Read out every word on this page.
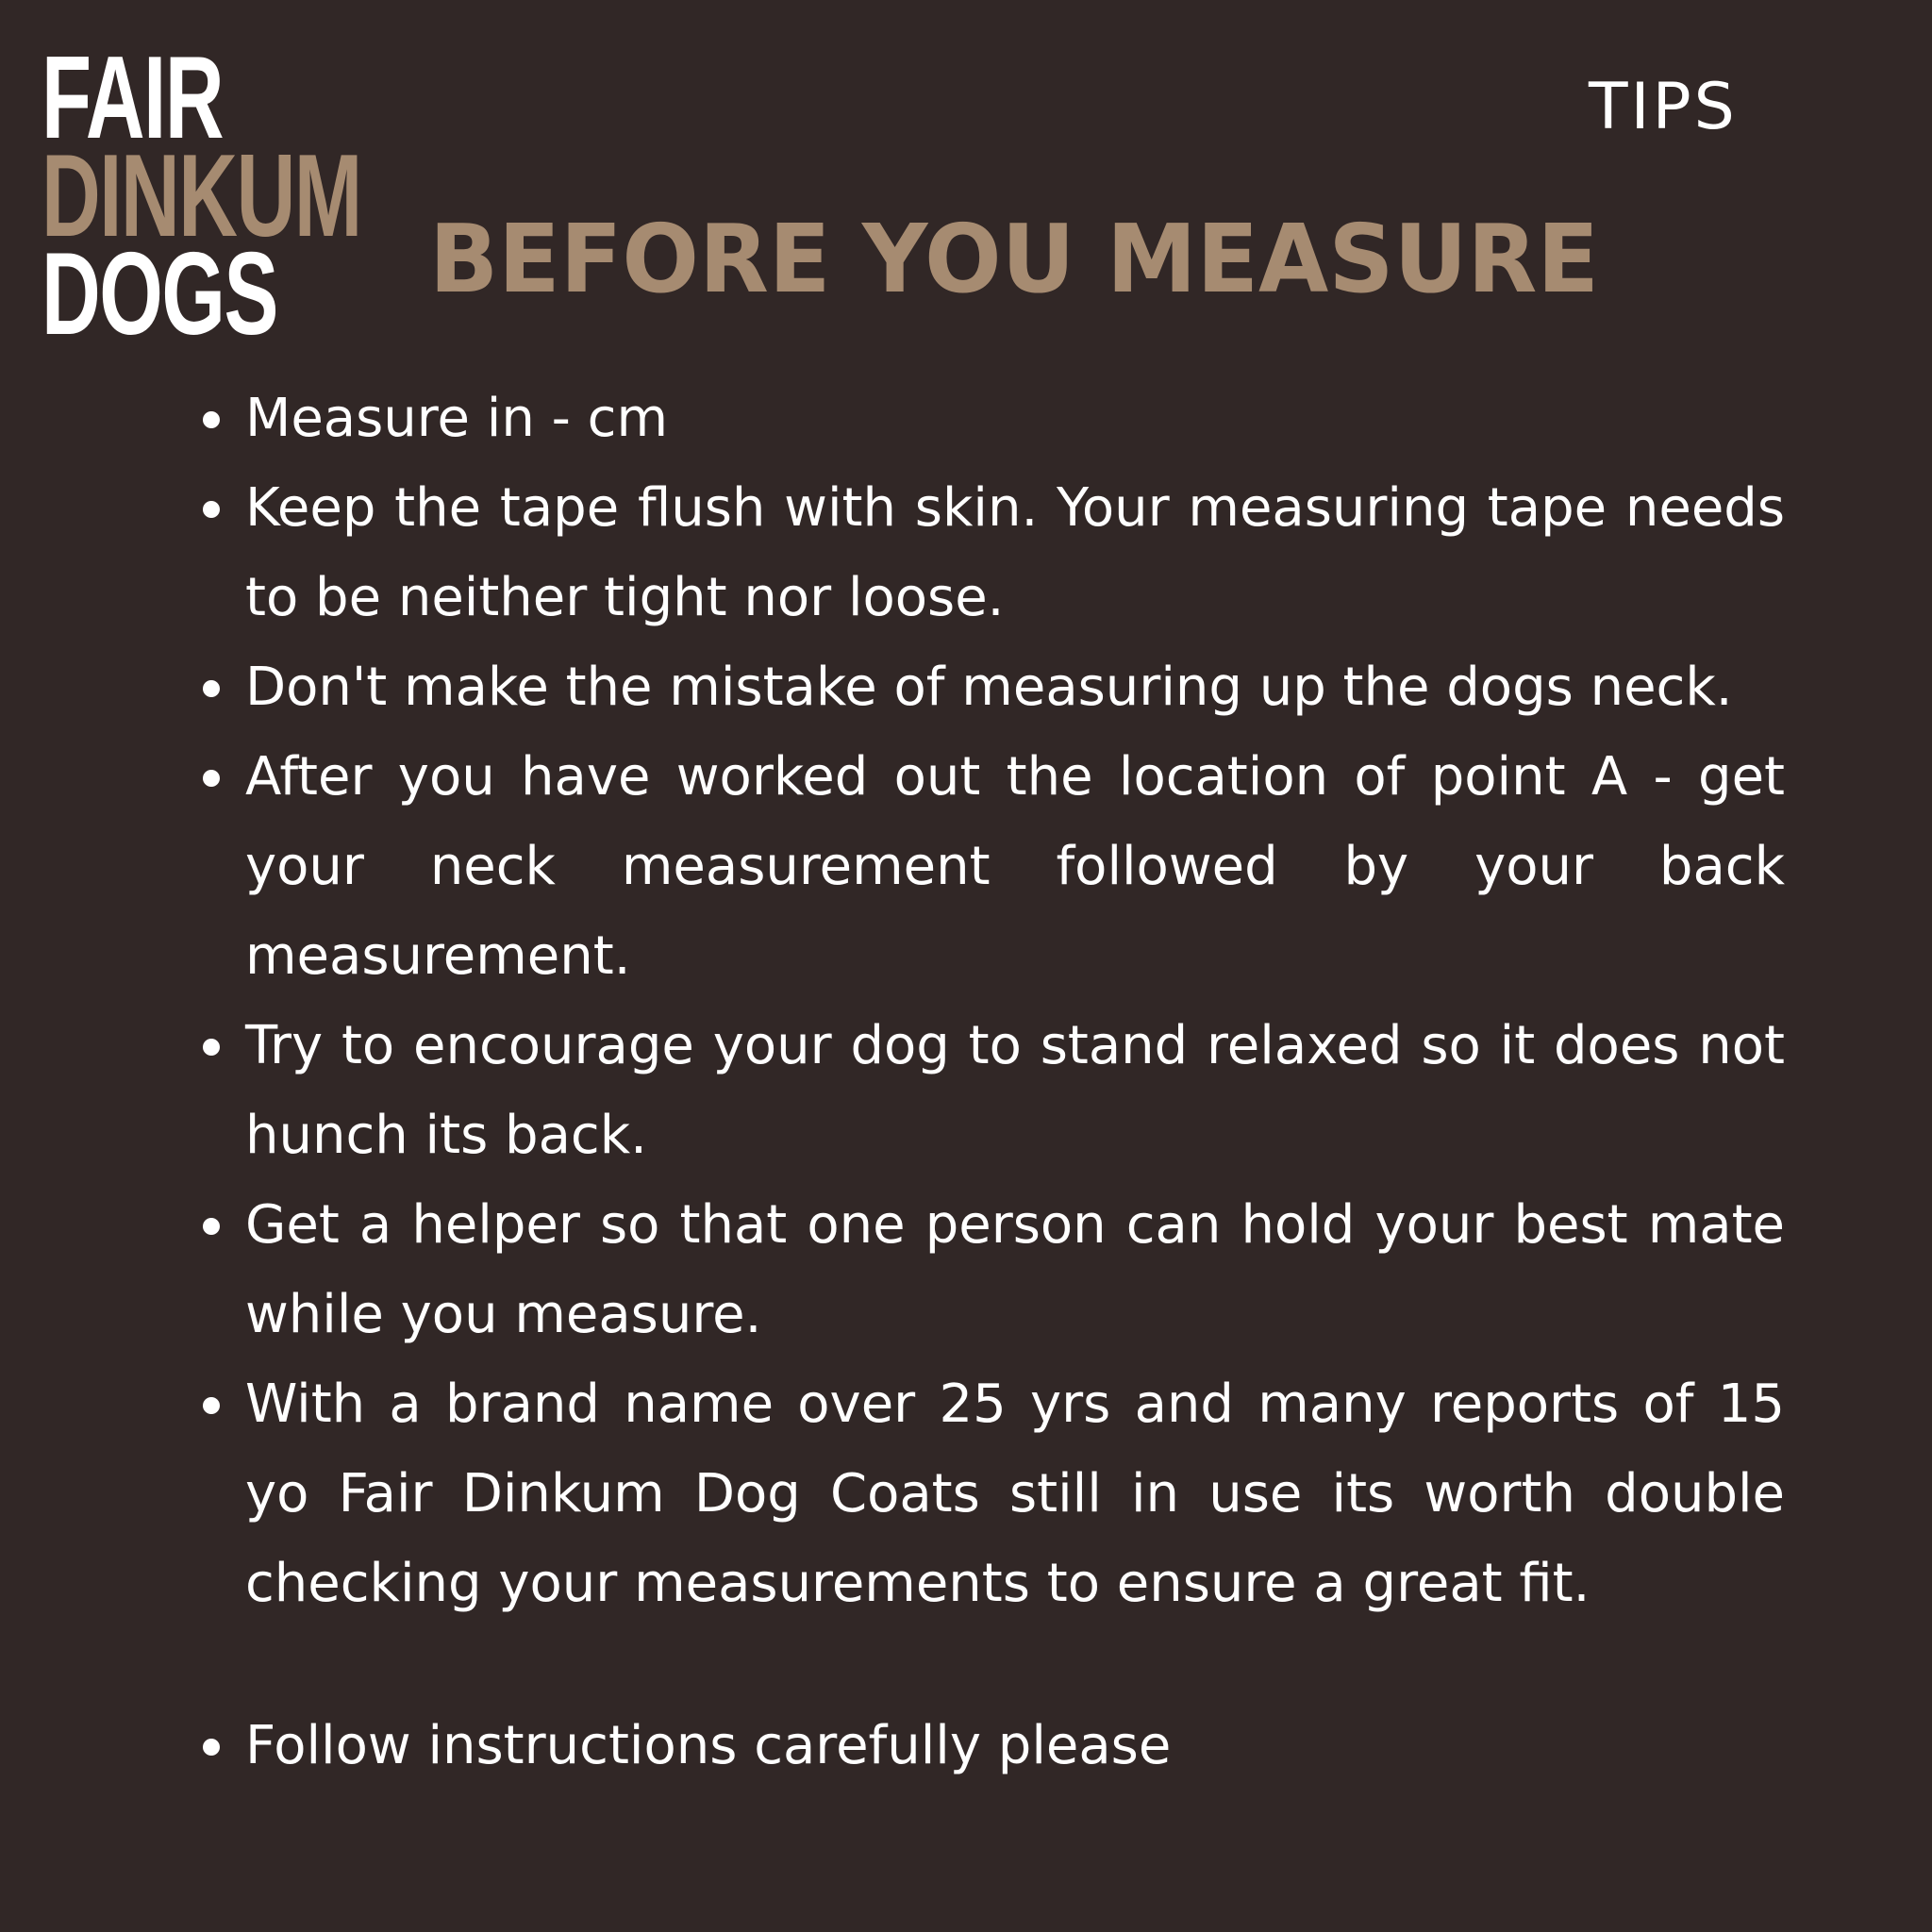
FAIR
DINKUM
DOGS
TIPS
BEFORE YOU MEASURE
Measure in - cm
Keep the tape flush with skin. Your measuring tape needs to be neither tight nor loose.
Don't make the mistake of measuring up the dogs neck.
After you have worked out the location of point A - get your neck measurement followed by your back measurement.
Try to encourage your dog to stand relaxed so it does not hunch its back.
Get a helper so that one person can hold your best mate while you measure.
With a brand name over 25 yrs and many reports of 15 yo Fair Dinkum Dog Coats still in use its worth double checking your measurements to ensure a great fit.
Follow instructions carefully please
